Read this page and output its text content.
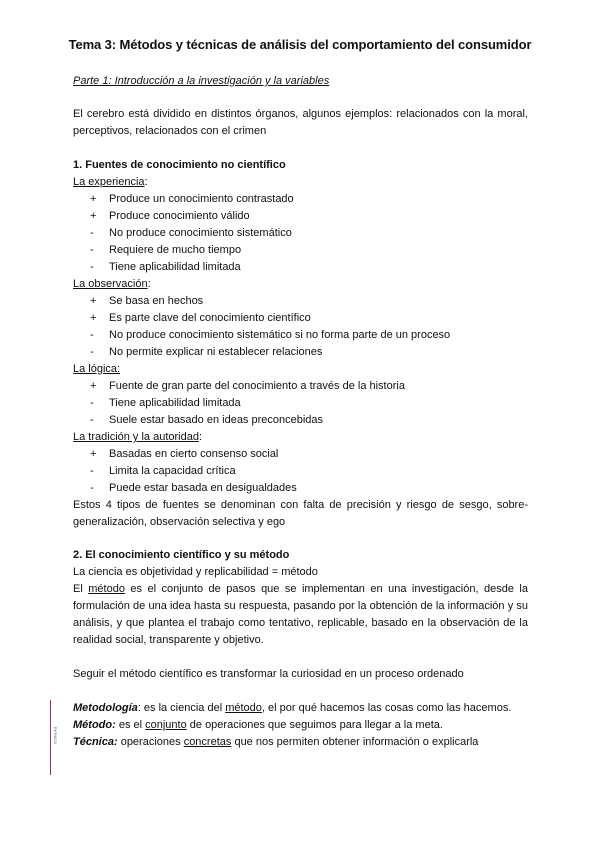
Tema 3: Métodos y técnicas de análisis del comportamiento del consumidor
Parte 1: Introducción a la investigación y la variables
El cerebro está dividido en distintos órganos, algunos ejemplos: relacionados con la moral, perceptivos, relacionados con el crimen

1. Fuentes de conocimiento no científico

La experiencia:

+	Produce un conocimiento contrastado
+	Produce conocimiento válido
-	No produce conocimiento sistemático
-	Requiere de mucho tiempo
-	Tiene aplicabilidad limitada

La observación:

+	Se basa en hechos
+	Es parte clave del conocimiento científico
-	No produce conocimiento sistemático si no forma parte de un proceso
-	No permite explicar ni establecer relaciones

La lógica:

+	Fuente de gran parte del conocimiento a través de la historia
-	Tiene aplicabilidad limitada
-	Suele estar basado en ideas preconcebidas

La tradición y la autoridad:

+	Basadas en cierto consenso social
-	Limita la capacidad crítica
-	Puede estar basada en desigualdades

Estos 4 tipos de fuentes se denominan con falta de precisión y riesgo de sesgo, sobre-generalización, observación selectiva y ego

2. El conocimiento científico y su método

La ciencia es objetividad y replicabilidad = método

El método es el conjunto de pasos que se implementan en una investigación, desde la formulación de una idea hasta su respuesta, pasando por la obtención de la información y su análisis, y que plantea el trabajo como tentativo, replicable, basado en la observación de la realidad social, transparente y objetivo.

Seguir el método científico es transformar la curiosidad en un proceso ordenado

Metodología: es la ciencia del método, el por qué hacemos las cosas como las hacemos.

Método: es el conjunto de operaciones que seguimos para llegar a la meta.

Técnica: operaciones concretas que nos permiten obtener información o explicarla

Scribd Ad
